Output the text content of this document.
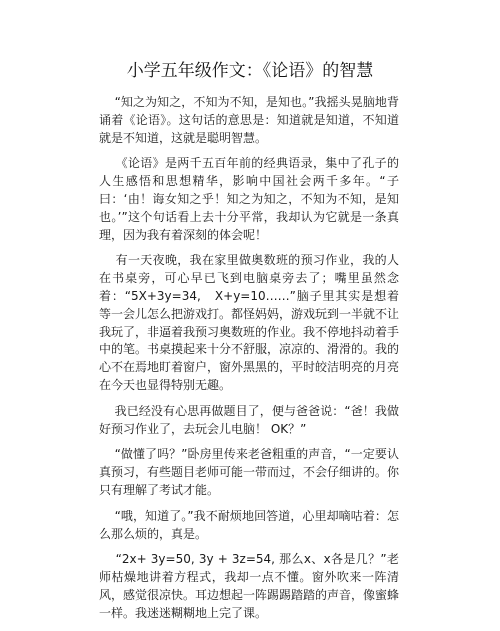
小学五年级作文：《论语》的智慧

“知之为知之，不知为不知，是知也。”我摇头晃脑地背诵着《论语》。这句话的意思是：知道就是知道，不知道就是不知道，这就是聪明智慧。

《论语》是两千五百年前的经典语录，集中了孔子的人生感悟和思想精华，影响中国社会两千多年。“子曰：‘由！诲女知之乎！知之为知之，不知为不知，是知也。’”这个句话看上去十分平常，我却认为它就是一条真理，因为我有着深刻的体会呢！

有一天夜晚，我在家里做奥数班的预习作业，我的人在书桌旁，可心早已飞到电脑桌旁去了；嘴里虽然念着：“5X+3y=34,   X+y=10……”脑子里其实是想着等一会儿怎么把游戏打。都怪妈妈，游戏玩到一半就不让我玩了，非逼着我预习奥数班的作业。我不停地抖动着手中的笔。书桌摸起来十分不舒服，凉凉的、滑滑的。我的心不在焉地盯着窗户，窗外黑黑的，平时皎洁明亮的月亮在今天也显得特别无趣。

我已经没有心思再做题目了，便与爸爸说：“爸！我做好预习作业了，去玩会儿电脑！ OK？”

“做懂了吗？”卧房里传来老爸粗重的声音，“一定要认真预习，有些题目老师可能一带而过，不会仔细讲的。你只有理解了考试才能。

“哦，知道了。”我不耐烦地回答道，心里却嘀咕着：怎么那么烦的，真是。

“2x+ 3y=50, 3y + 3z=54, 那么x、x各是几？”老师枯燥地讲着方程式，我却一点不懂。窗外吹来一阵清风，感觉很凉快。耳边想起一阵踢踢踏踏的声音，像蜜蜂一样。我迷迷糊糊地上完了课。
